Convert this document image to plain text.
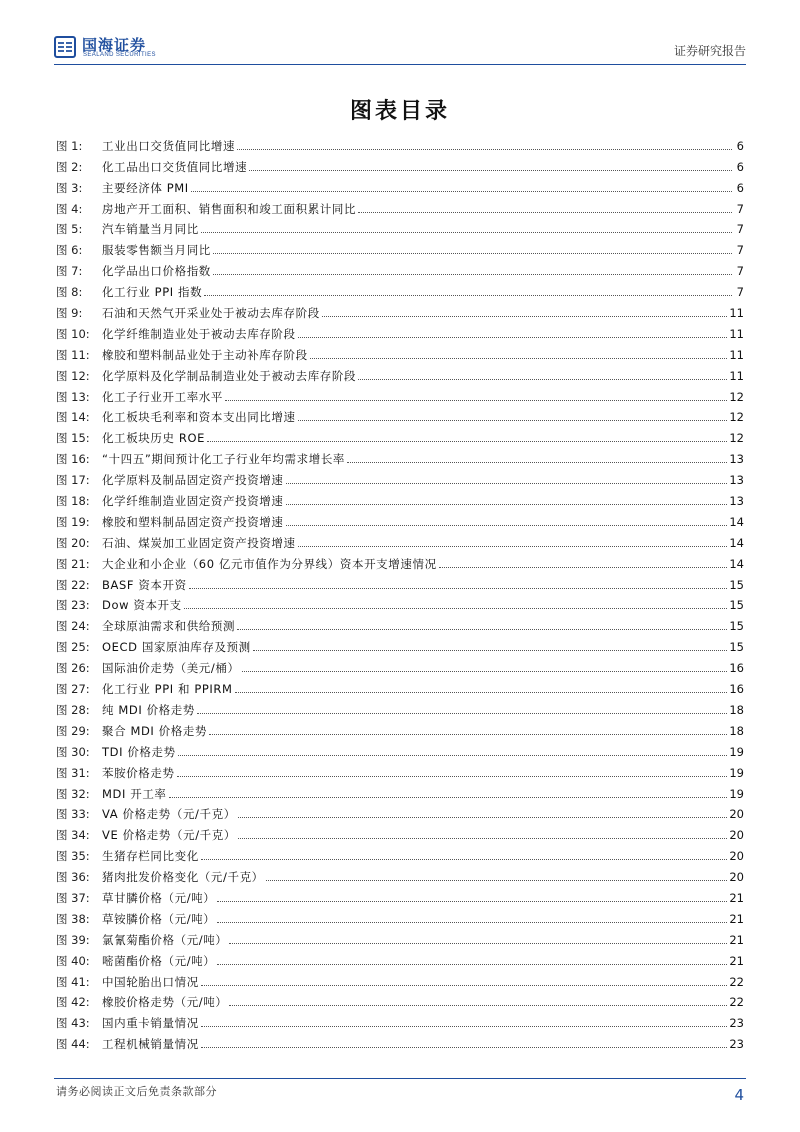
国海证券
SEALAND SECURITIES	证券研究报告
图表目录
图 1:	工业出口交货值同比增速	6
图 2:	化工品出口交货值同比增速	6
图 3:	主要经济体 PMI	6
图 4:	房地产开工面积、销售面积和竣工面积累计同比	7
图 5:	汽车销量当月同比	7
图 6:	服装零售额当月同比	7
图 7:	化学品出口价格指数	7
图 8:	化工行业 PPI 指数	7
图 9:	石油和天然气开采业处于被动去库存阶段	11
图 10:	化学纤维制造业处于被动去库存阶段	11
图 11:	橡胶和塑料制品业处于主动补库存阶段	11
图 12:	化学原料及化学制品制造业处于被动去库存阶段	11
图 13:	化工子行业开工率水平	12
图 14:	化工板块毛利率和资本支出同比增速	12
图 15:	化工板块历史 ROE	12
图 16:	“十四五”期间预计化工子行业年均需求增长率	13
图 17:	化学原料及制品固定资产投资增速	13
图 18:	化学纤维制造业固定资产投资增速	13
图 19:	橡胶和塑料制品固定资产投资增速	14
图 20:	石油、煤炭加工业固定资产投资增速	14
图 21:	大企业和小企业（60 亿元市值作为分界线）资本开支增速情况	14
图 22:	BASF 资本开资	15
图 23:	Dow 资本开支	15
图 24:	全球原油需求和供给预测	15
图 25:	OECD 国家原油库存及预测	15
图 26:	国际油价走势（美元/桶）	16
图 27:	化工行业 PPI 和 PPIRM	16
图 28:	纯 MDI 价格走势	18
图 29:	聚合 MDI 价格走势	18
图 30:	TDI 价格走势	19
图 31:	苯胺价格走势	19
图 32:	MDI 开工率	19
图 33:	VA 价格走势（元/千克）	20
图 34:	VE 价格走势（元/千克）	20
图 35:	生猪存栏同比变化	20
图 36:	猪肉批发价格变化（元/千克）	20
图 37:	草甘膦价格（元/吨）	21
图 38:	草铵膦价格（元/吨）	21
图 39:	氯氰菊酯价格（元/吨）	21
图 40:	嘧菌酯价格（元/吨）	21
图 41:	中国轮胎出口情况	22
图 42:	橡胶价格走势（元/吨）	22
图 43:	国内重卡销量情况	23
图 44:	工程机械销量情况	23
请务必阅读正文后免责条款部分	4
